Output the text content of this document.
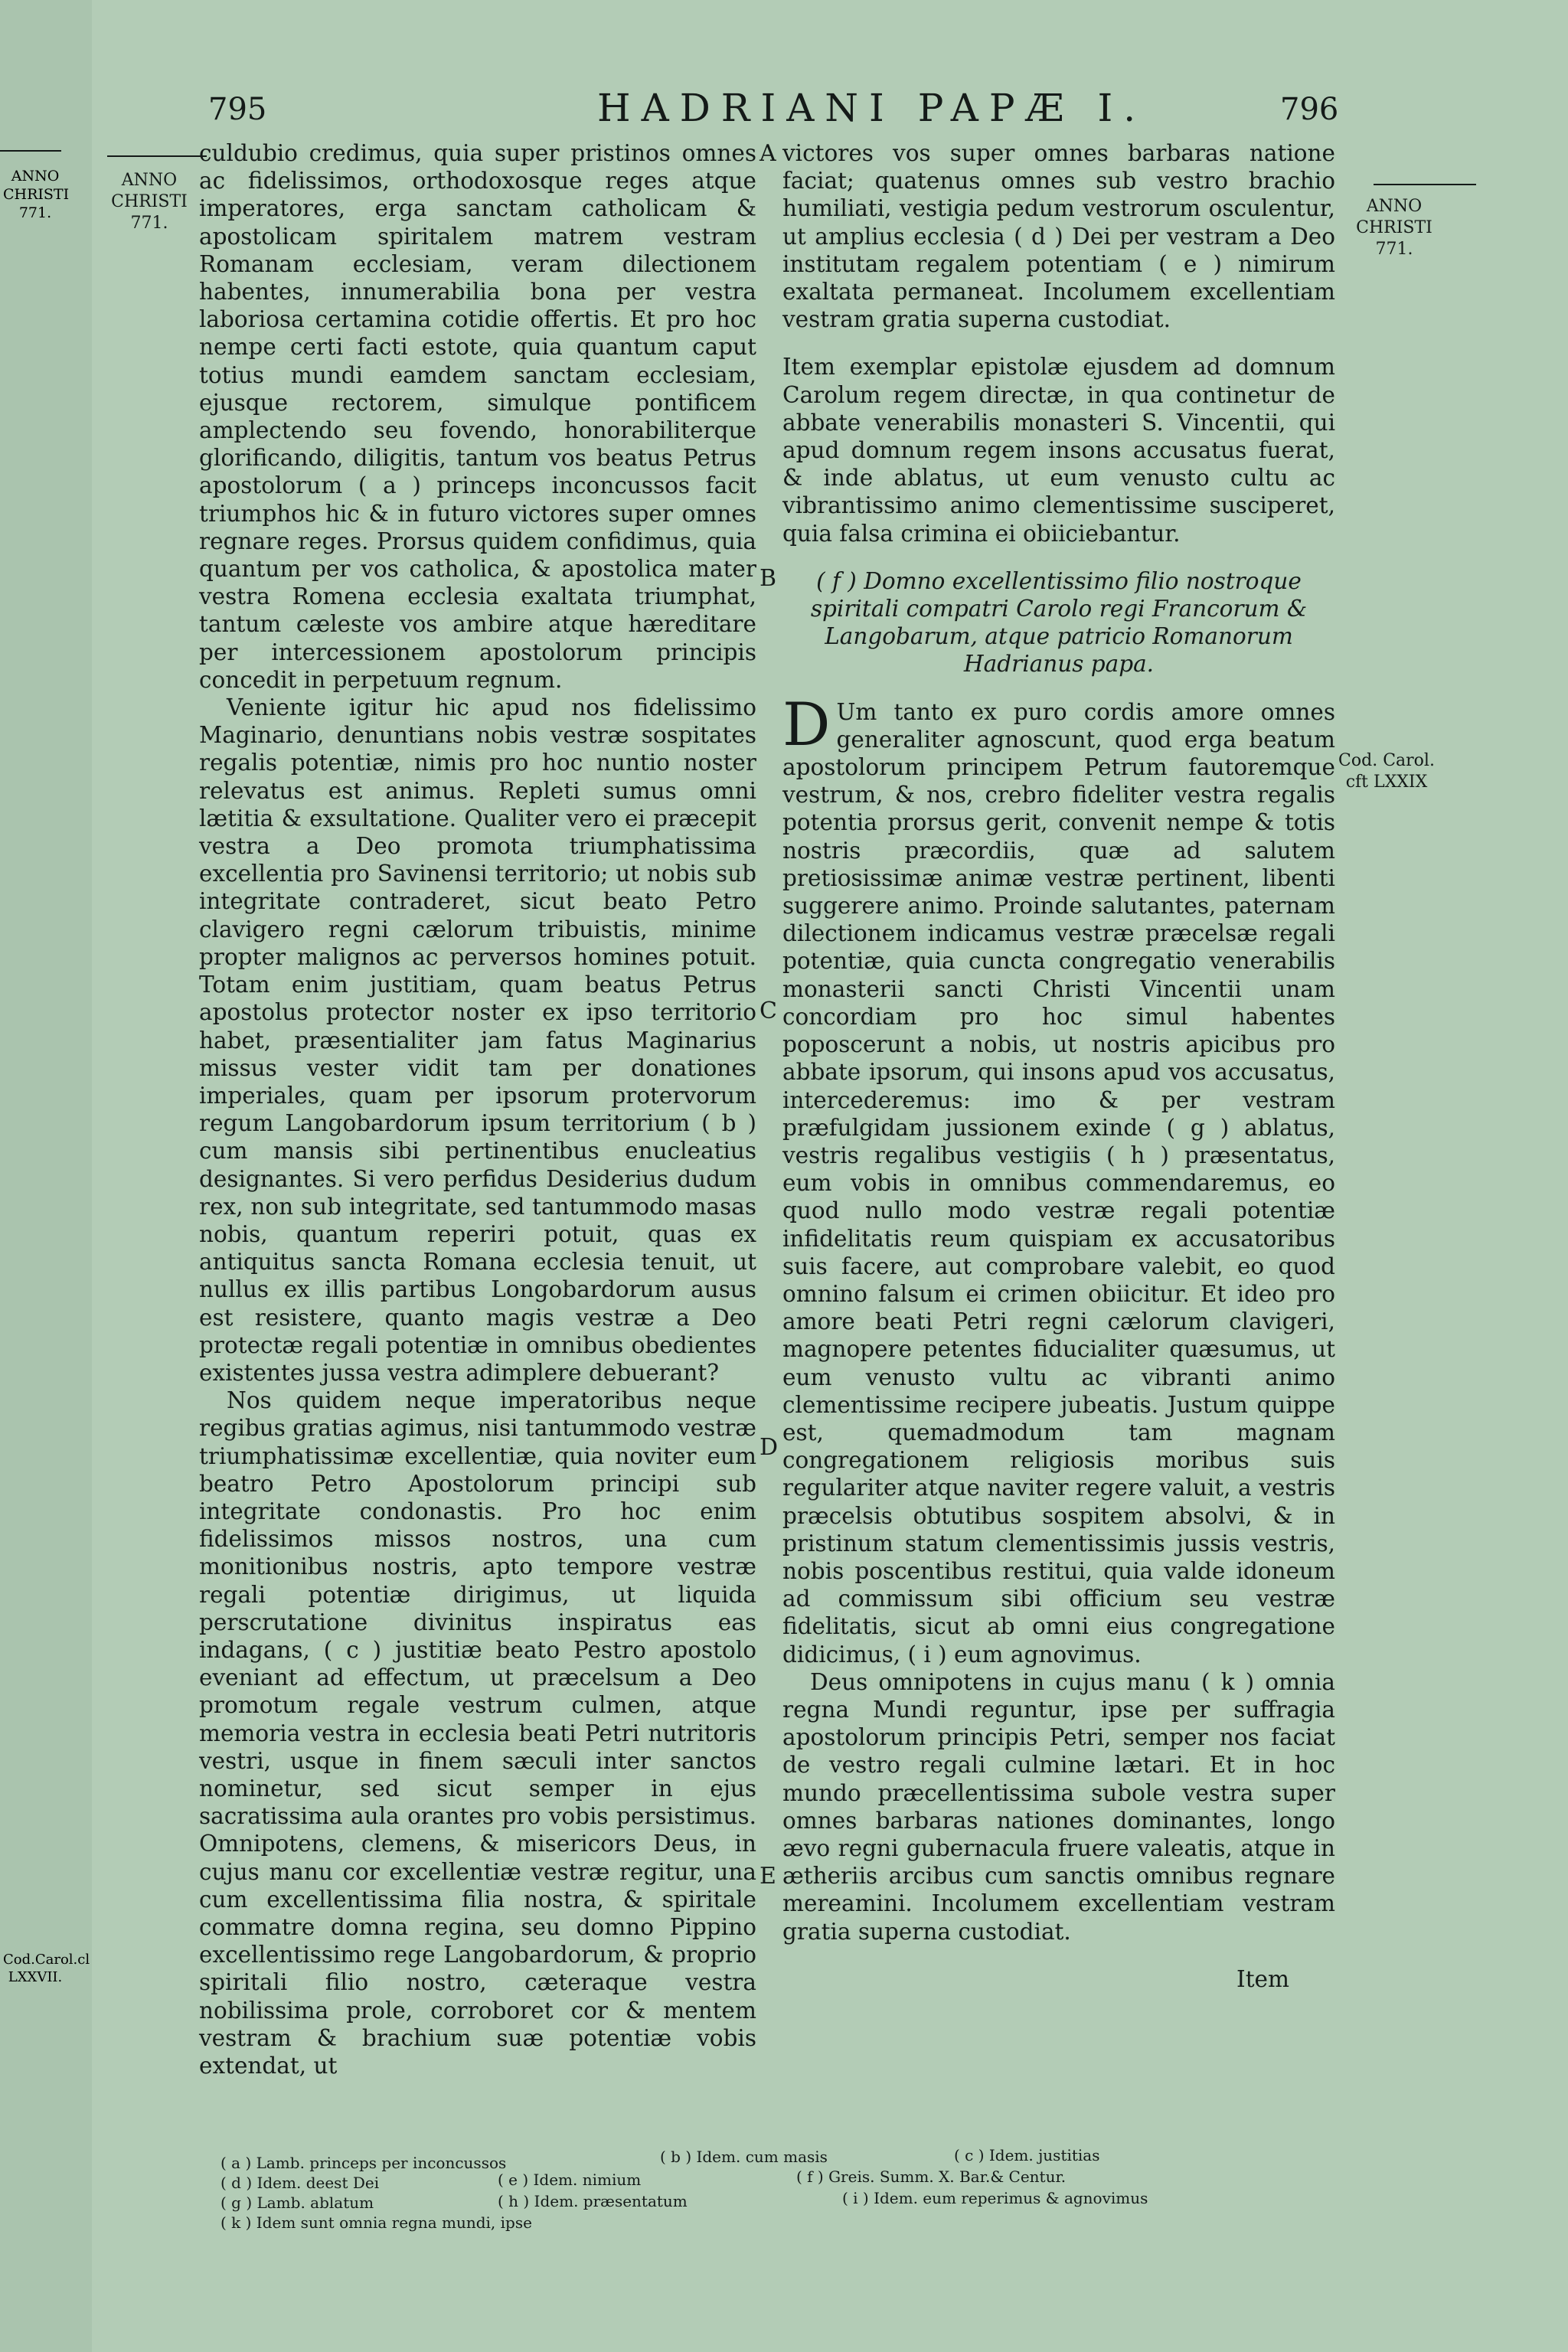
ANNO
CHRISTI
771.
Cod.Carol.cl
LXXVII.
795	HADRIANI PAPÆ I.	796
ANNO
CHRISTI
771.
ANNO
CHRISTI
771.
Cod. Carol.
cft LXXIX
A
B
C
D
E

culdubio credimus, quia super pristinos omnes ac fidelissimos, orthodoxosque reges atque imperatores, erga sanctam catholicam & apostolicam spiritalem matrem vestram Romanam ecclesiam, veram dilectionem habentes, innumerabilia bona per vestra laboriosa certamina cotidie offertis. Et pro hoc nempe certi facti estote, quia quantum caput totius mundi eamdem sanctam ecclesiam, ejusque rectorem, simulque pontificem amplectendo seu fovendo, honorabiliterque glorificando, diligitis, tantum vos beatus Petrus apostolorum ( a ) princeps inconcussos facit triumphos hic & in futuro victores super omnes regnare reges. Prorsus quidem confidimus, quia quantum per vos catholica, & apostolica mater vestra Romena ecclesia exaltata triumphat, tantum cæleste vos ambire atque hæreditare per intercessionem apostolorum principis concedit in perpetuum regnum.

Veniente igitur hic apud nos fidelissimo Maginario, denuntians nobis vestræ sospitates regalis potentiæ, nimis pro hoc nuntio noster relevatus est animus. Repleti sumus omni lætitia & exsultatione. Qualiter vero ei præcepit vestra a Deo promota triumphatissima excellentia pro Savinensi territorio; ut nobis sub integritate contraderet, sicut beato Petro clavigero regni cælorum tribuistis, minime propter malignos ac perversos homines potuit. Totam enim justitiam, quam beatus Petrus apostolus protector noster ex ipso territorio habet, præsentialiter jam fatus Maginarius missus vester vidit tam per donationes imperiales, quam per ipsorum protervorum regum Langobardorum ipsum territorium ( b ) cum mansis sibi pertinentibus enucleatius designantes. Si vero perfidus Desiderius dudum rex, non sub integritate, sed tantummodo masas nobis, quantum reperiri potuit, quas ex antiquitus sancta Romana ecclesia tenuit, ut nullus ex illis partibus Longobardorum ausus est resistere, quanto magis vestræ a Deo protectæ regali potentiæ in omnibus obedientes existentes jussa vestra adimplere debuerant?

Nos quidem neque imperatoribus neque regibus gratias agimus, nisi tantummodo vestræ triumphatissimæ excellentiæ, quia noviter eum beatro Petro Apostolorum principi sub integritate condonastis. Pro hoc enim fidelissimos missos nostros, una cum monitionibus nostris, apto tempore vestræ regali potentiæ dirigimus, ut liquida perscrutatione divinitus inspiratus eas indagans, ( c ) justitiæ beato Pestro apostolo eveniant ad effectum, ut præcelsum a Deo promotum regale vestrum culmen, atque memoria vestra in ecclesia beati Petri nutritoris vestri, usque in finem sæculi inter sanctos nominetur, sed sicut semper in ejus sacratissima aula orantes pro vobis persistimus. Omnipotens, clemens, & misericors Deus, in cujus manu cor excellentiæ vestræ regitur, una cum excellentissima filia nostra, & spiritale commatre domna regina, seu domno Pippino excellentissimo rege Langobardorum, & proprio spiritali filio nostro, cæteraque vestra nobilissima prole, corroboret cor & mentem vestram & brachium suæ potentiæ vobis extendat, ut

victores vos super omnes barbaras natione faciat; quatenus omnes sub vestro brachio humiliati, vestigia pedum vestrorum osculentur, ut amplius ecclesia ( d ) Dei per vestram a Deo institutam regalem potentiam ( e ) nimirum exaltata permaneat. Incolumem excellentiam vestram gratia superna custodiat.

Item exemplar epistolæ ejusdem ad domnum Carolum regem directæ, in qua continetur de abbate venerabilis monasteri S. Vincentii, qui apud domnum regem insons accusatus fuerat, & inde ablatus, ut eum venusto cultu ac vibrantissimo animo clementissime susciperet, quia falsa crimina ei obiiciebantur.

( f ) Domno excellentissimo filio nostroque spiritali compatri Carolo regi Francorum & Langobarum, atque patricio Romanorum Hadrianus papa.

D Um tanto ex puro cordis amore omnes generaliter agnoscunt, quod erga beatum apostolorum principem Petrum fautoremque vestrum, & nos, crebro fideliter vestra regalis potentia prorsus gerit, convenit nempe & totis nostris præcordiis, quæ ad salutem pretiosissimæ animæ vestræ pertinent, libenti suggerere animo. Proinde salutantes, paternam dilectionem indicamus vestræ præcelsæ regali potentiæ, quia cuncta congregatio venerabilis monasterii sancti Christi Vincentii unam concordiam pro hoc simul habentes poposcerunt a nobis, ut nostris apicibus pro abbate ipsorum, qui insons apud vos accusatus, intercederemus: imo & per vestram præfulgidam jussionem exinde ( g ) ablatus, vestris regalibus vestigiis ( h ) præsentatus, eum vobis in omnibus commendaremus, eo quod nullo modo vestræ regali potentiæ infidelitatis reum quispiam ex accusatoribus suis facere, aut comprobare valebit, eo quod omnino falsum ei crimen obiicitur. Et ideo pro amore beati Petri regni cælorum clavigeri, magnopere petentes fiducialiter quæsumus, ut eum venusto vultu ac vibranti animo clementissime recipere jubeatis. Justum quippe est, quemadmodum tam magnam congregationem religiosis moribus suis regulariter atque naviter regere valuit, a vestris præcelsis obtutibus sospitem absolvi, & in pristinum statum clementissimis jussis vestris, nobis poscentibus restitui, quia valde idoneum ad commissum sibi officium seu vestræ fidelitatis, sicut ab omni eius congregatione didicimus, ( i ) eum agnovimus.

Deus omnipotens in cujus manu ( k ) omnia regna Mundi reguntur, ipse per suffragia apostolorum principis Petri, semper nos faciat de vestro regali culmine lætari. Et in hoc mundo præcellentissima subole vestra super omnes barbaras nationes dominantes, longo ævo regni gubernacula fruere valeatis, atque in ætheriis arcibus cum sanctis omnibus regnare mereamini. Incolumem excellentiam vestram gratia superna custodiat.

Item

( a ) Lamb. princeps per inconcussos	( b ) Idem. cum masis	( c ) Idem. justitias
( d ) Idem. deest Dei	( e ) Idem. nimium
( g ) Lamb. ablatum	( h ) Idem. præsentatum
( k ) Idem sunt omnia regna mundi, ipse
( f ) Greis. Summ. X. Bar.& Centur.
( i ) Idem. eum reperimus & agnovimus
